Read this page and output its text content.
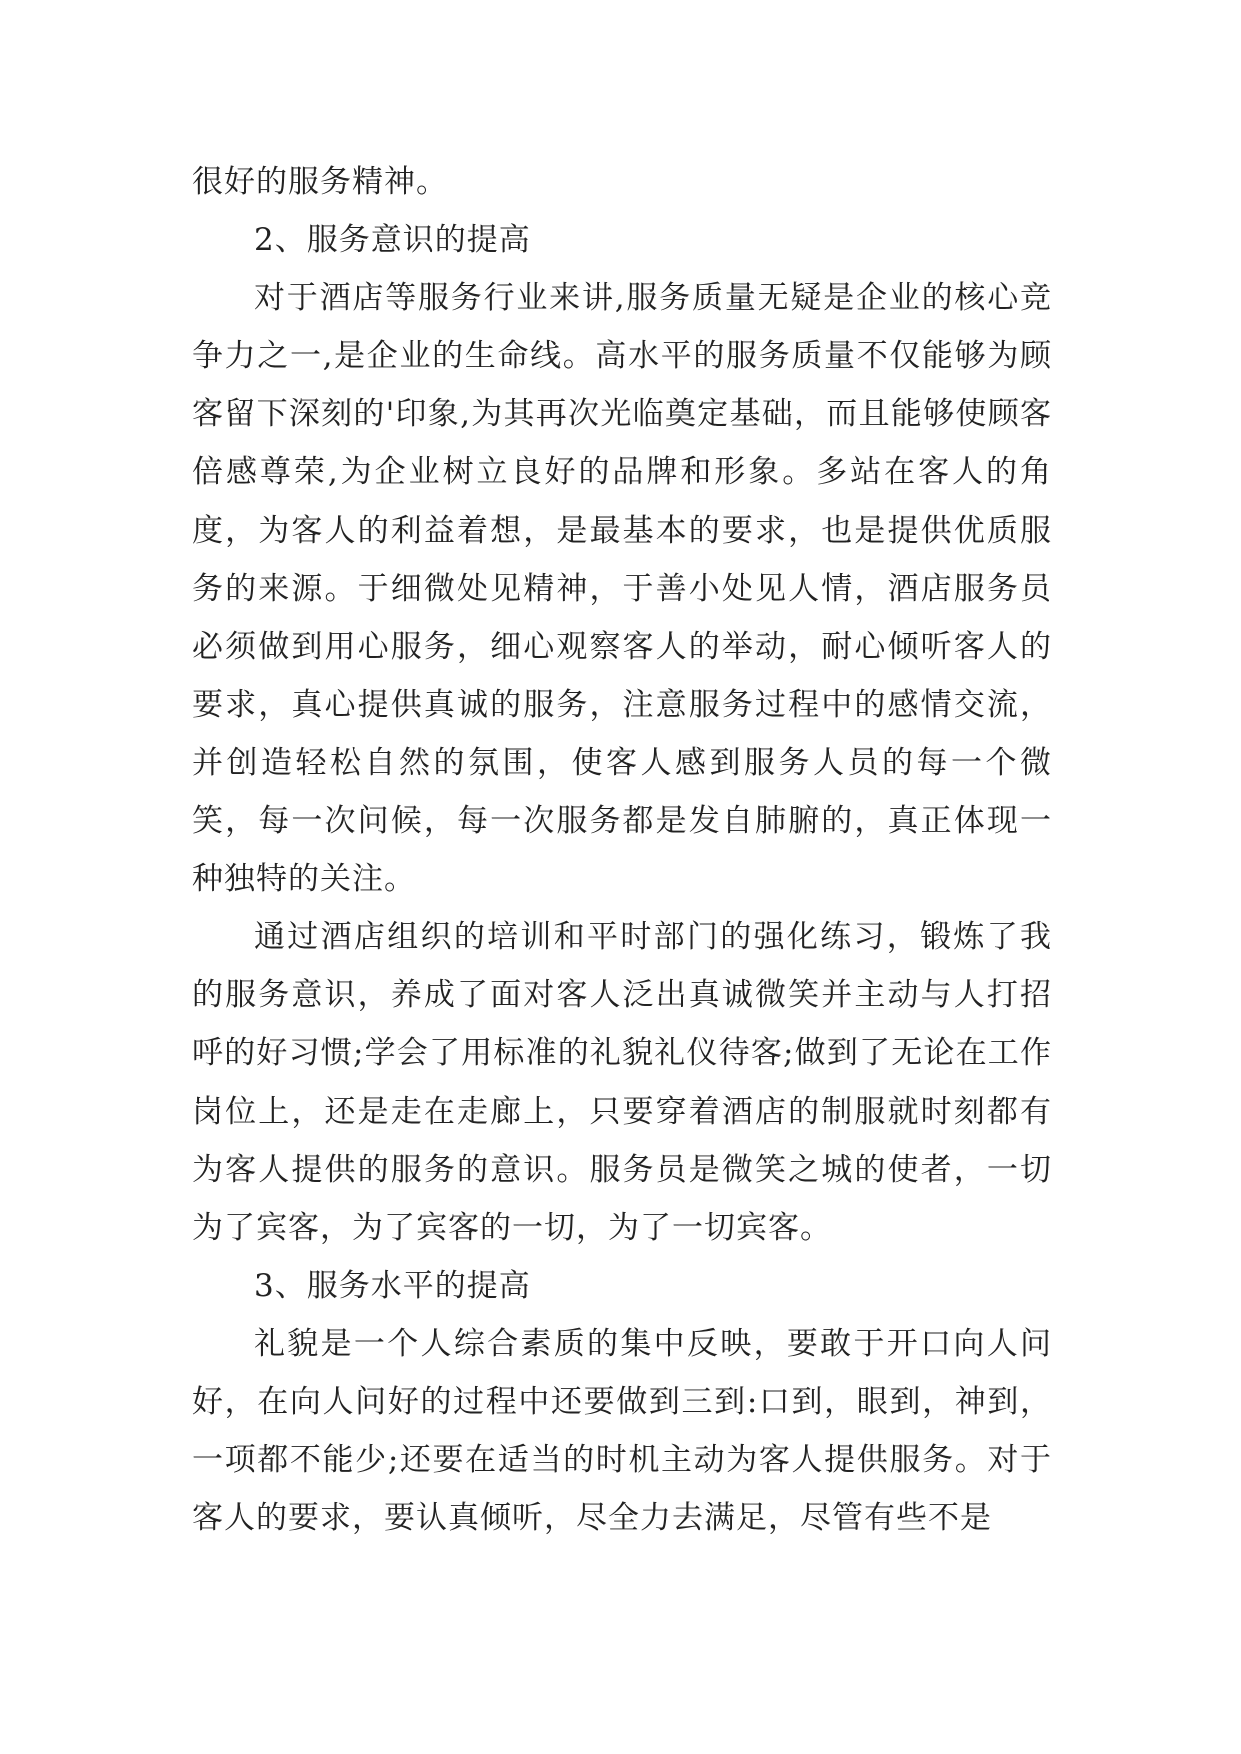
很好的服务精神。

2、服务意识的提高

对于酒店等服务行业来讲,服务质量无疑是企业的核心竞争力之一,是企业的生命线。高水平的服务质量不仅能够为顾客留下深刻的'印象,为其再次光临奠定基础，而且能够使顾客倍感尊荣,为企业树立良好的品牌和形象。多站在客人的角度，为客人的利益着想，是最基本的要求，也是提供优质服务的来源。于细微处见精神，于善小处见人情，酒店服务员必须做到用心服务，细心观察客人的举动，耐心倾听客人的要求，真心提供真诚的服务，注意服务过程中的感情交流，并创造轻松自然的氛围，使客人感到服务人员的每一个微笑，每一次问候，每一次服务都是发自肺腑的，真正体现一种独特的关注。

通过酒店组织的培训和平时部门的强化练习，锻炼了我的服务意识，养成了面对客人泛出真诚微笑并主动与人打招呼的好习惯;学会了用标准的礼貌礼仪待客;做到了无论在工作岗位上，还是走在走廊上，只要穿着酒店的制服就时刻都有为客人提供的服务的意识。服务员是微笑之城的使者，一切为了宾客，为了宾客的一切，为了一切宾客。

3、服务水平的提高

礼貌是一个人综合素质的集中反映，要敢于开口向人问好，在向人问好的过程中还要做到三到:口到，眼到，神到，一项都不能少;还要在适当的时机主动为客人提供服务。对于客人的要求，要认真倾听，尽全力去满足，尽管有些不是
